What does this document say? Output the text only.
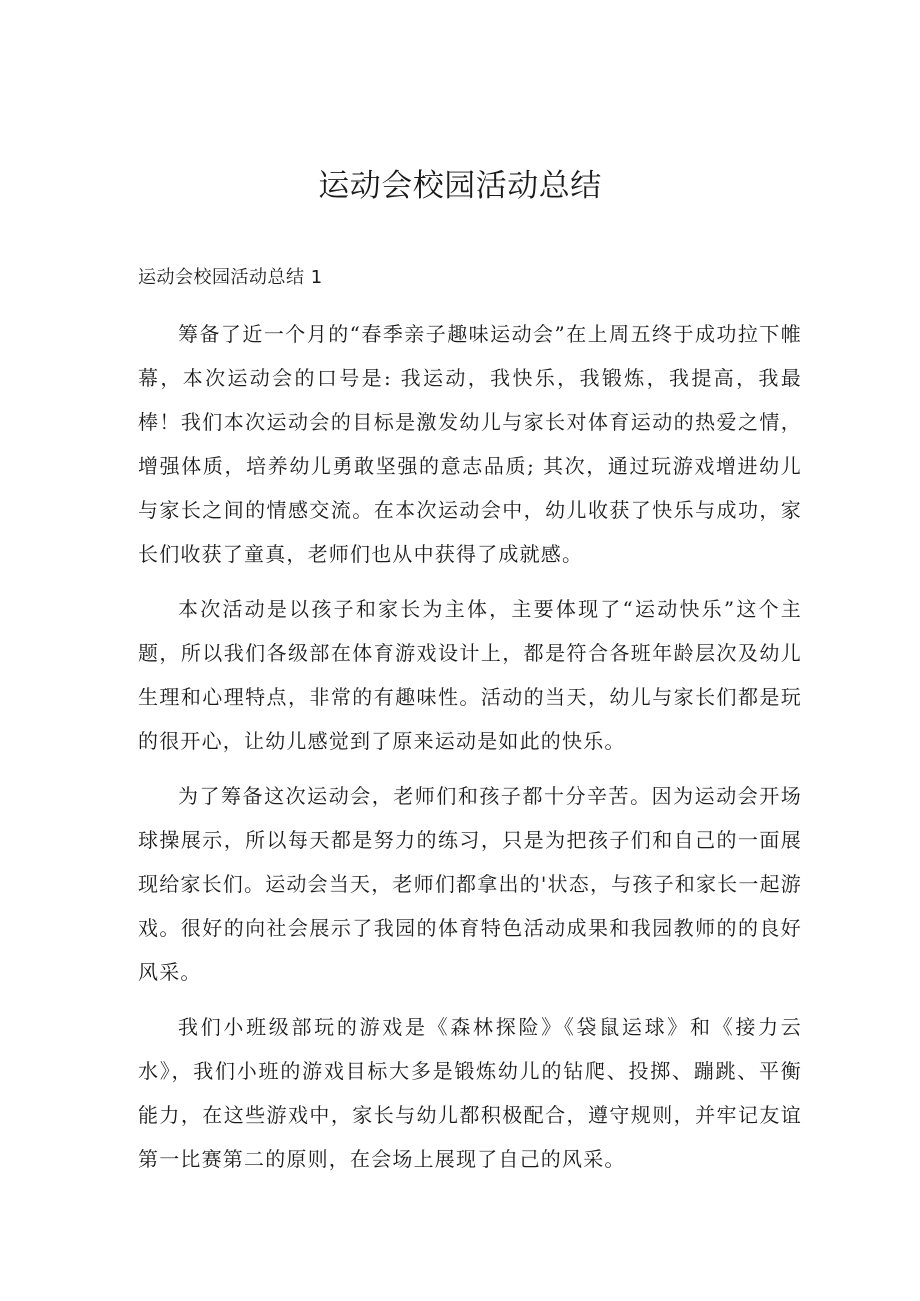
运动会校园活动总结
运动会校园活动总结 1

筹备了近一个月的“春季亲子趣味运动会”在上周五终于成功拉下帷幕，本次运动会的口号是: 我运动，我快乐，我锻炼，我提高，我最棒！我们本次运动会的目标是激发幼儿与家长对体育运动的热爱之情，增强体质，培养幼儿勇敢坚强的意志品质; 其次，通过玩游戏增进幼儿与家长之间的情感交流。在本次运动会中，幼儿收获了快乐与成功，家长们收获了童真，老师们也从中获得了成就感。

本次活动是以孩子和家长为主体，主要体现了“运动快乐”这个主题，所以我们各级部在体育游戏设计上，都是符合各班年龄层次及幼儿生理和心理特点，非常的有趣味性。活动的当天，幼儿与家长们都是玩的很开心，让幼儿感觉到了原来运动是如此的快乐。

为了筹备这次运动会，老师们和孩子都十分辛苦。因为运动会开场球操展示，所以每天都是努力的练习，只是为把孩子们和自己的一面展现给家长们。运动会当天，老师们都拿出的'状态，与孩子和家长一起游戏。很好的向社会展示了我园的体育特色活动成果和我园教师的的良好风采。

我们小班级部玩的游戏是《森林探险》《袋鼠运球》和《接力云水》，我们小班的游戏目标大多是锻炼幼儿的钻爬、投掷、蹦跳、平衡能力，在这些游戏中，家长与幼儿都积极配合，遵守规则，并牢记友谊第一比赛第二的原则，在会场上展现了自己的风采。
